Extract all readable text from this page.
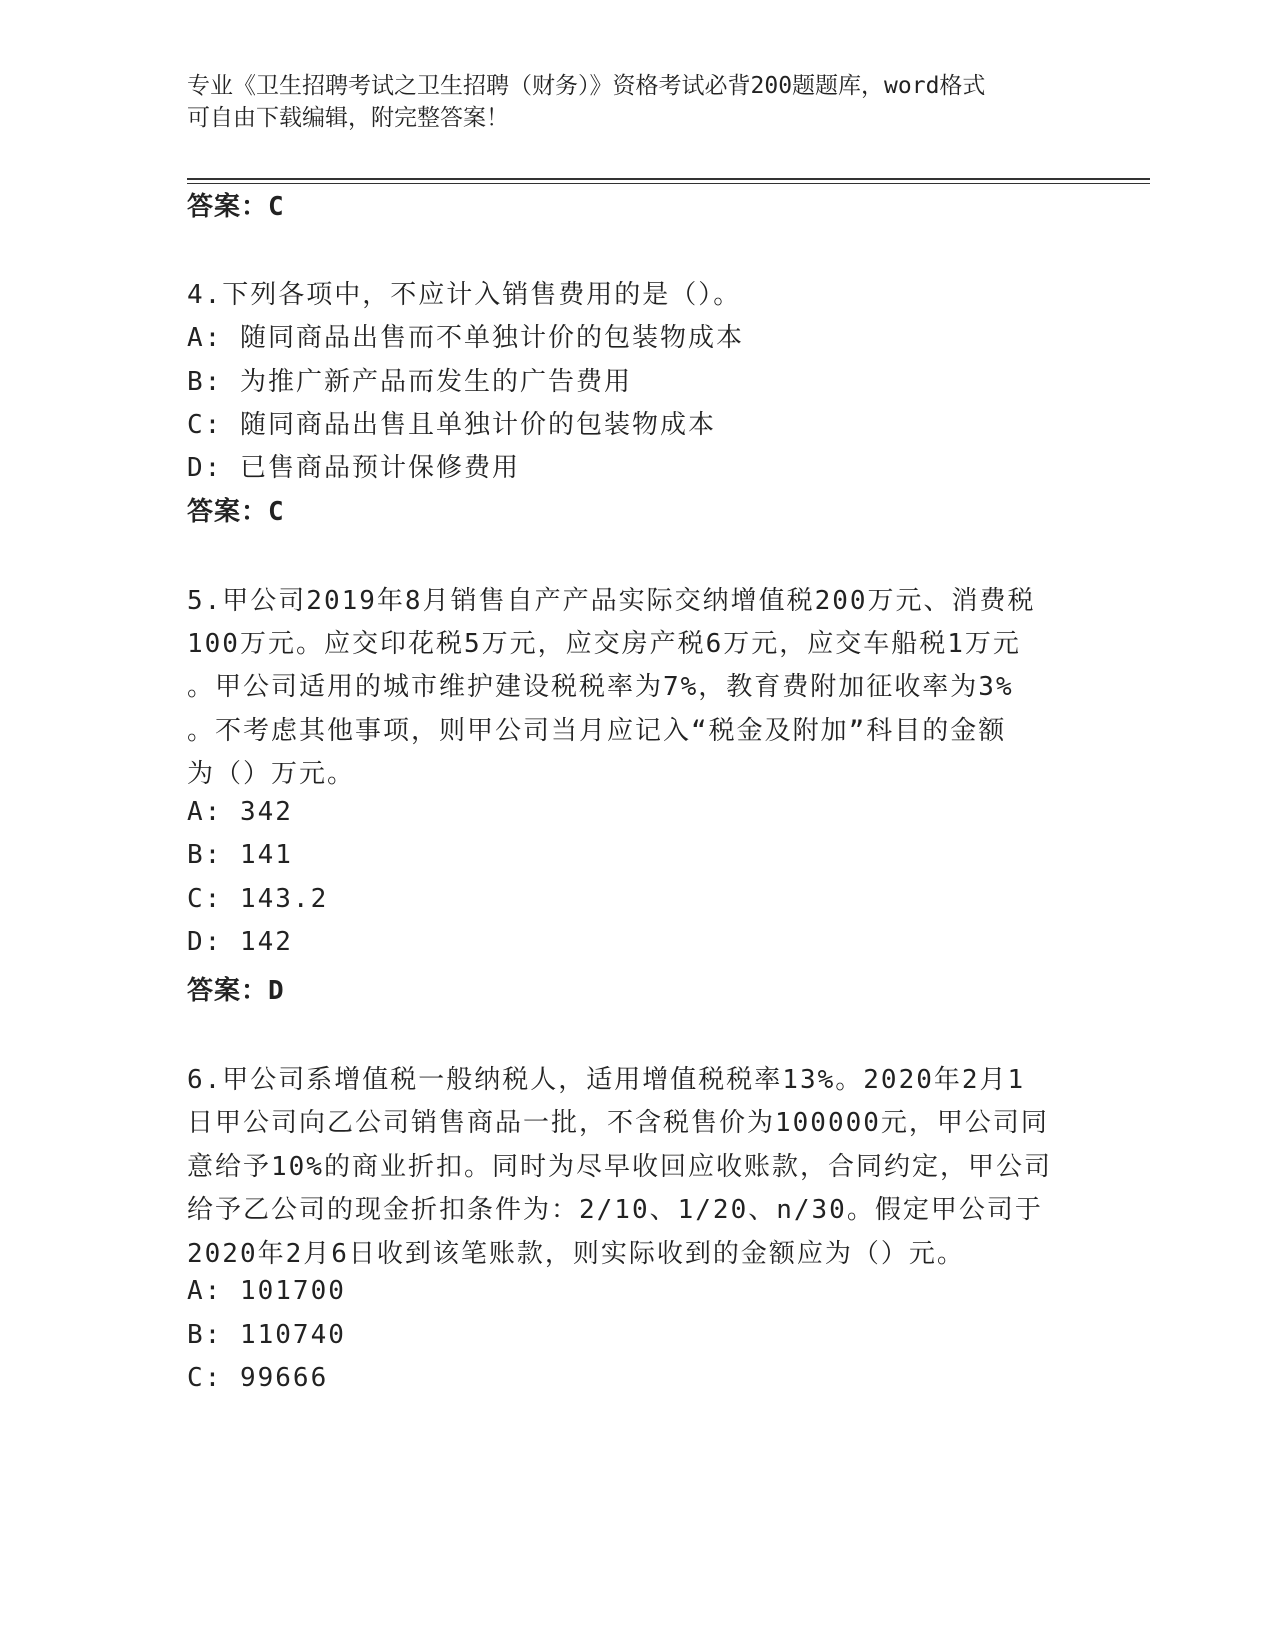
专业《卫生招聘考试之卫生招聘（财务）》资格考试必背200题题库，word格式
可自由下载编辑，附完整答案！
答案：C
4.下列各项中，不应计入销售费用的是（）。
A: 随同商品出售而不单独计价的包装物成本
B: 为推广新产品而发生的广告费用
C: 随同商品出售且单独计价的包装物成本
D: 已售商品预计保修费用
答案：C
5.甲公司2019年8月销售自产产品实际交纳增值税200万元、消费税
100万元。应交印花税5万元，应交房产税6万元，应交车船税1万元
。甲公司适用的城市维护建设税税率为7%，教育费附加征收率为3%
。不考虑其他事项，则甲公司当月应记入“税金及附加”科目的金额
为（）万元。
A: 342
B: 141
C: 143.2
D: 142
答案：D
6.甲公司系增值税一般纳税人，适用增值税税率13%。2020年2月1
日甲公司向乙公司销售商品一批，不含税售价为100000元，甲公司同
意给予10%的商业折扣。同时为尽早收回应收账款，合同约定，甲公司
给予乙公司的现金折扣条件为：2/10、1/20、n/30。假定甲公司于
2020年2月6日收到该笔账款，则实际收到的金额应为（）元。
A: 101700
B: 110740
C: 99666
